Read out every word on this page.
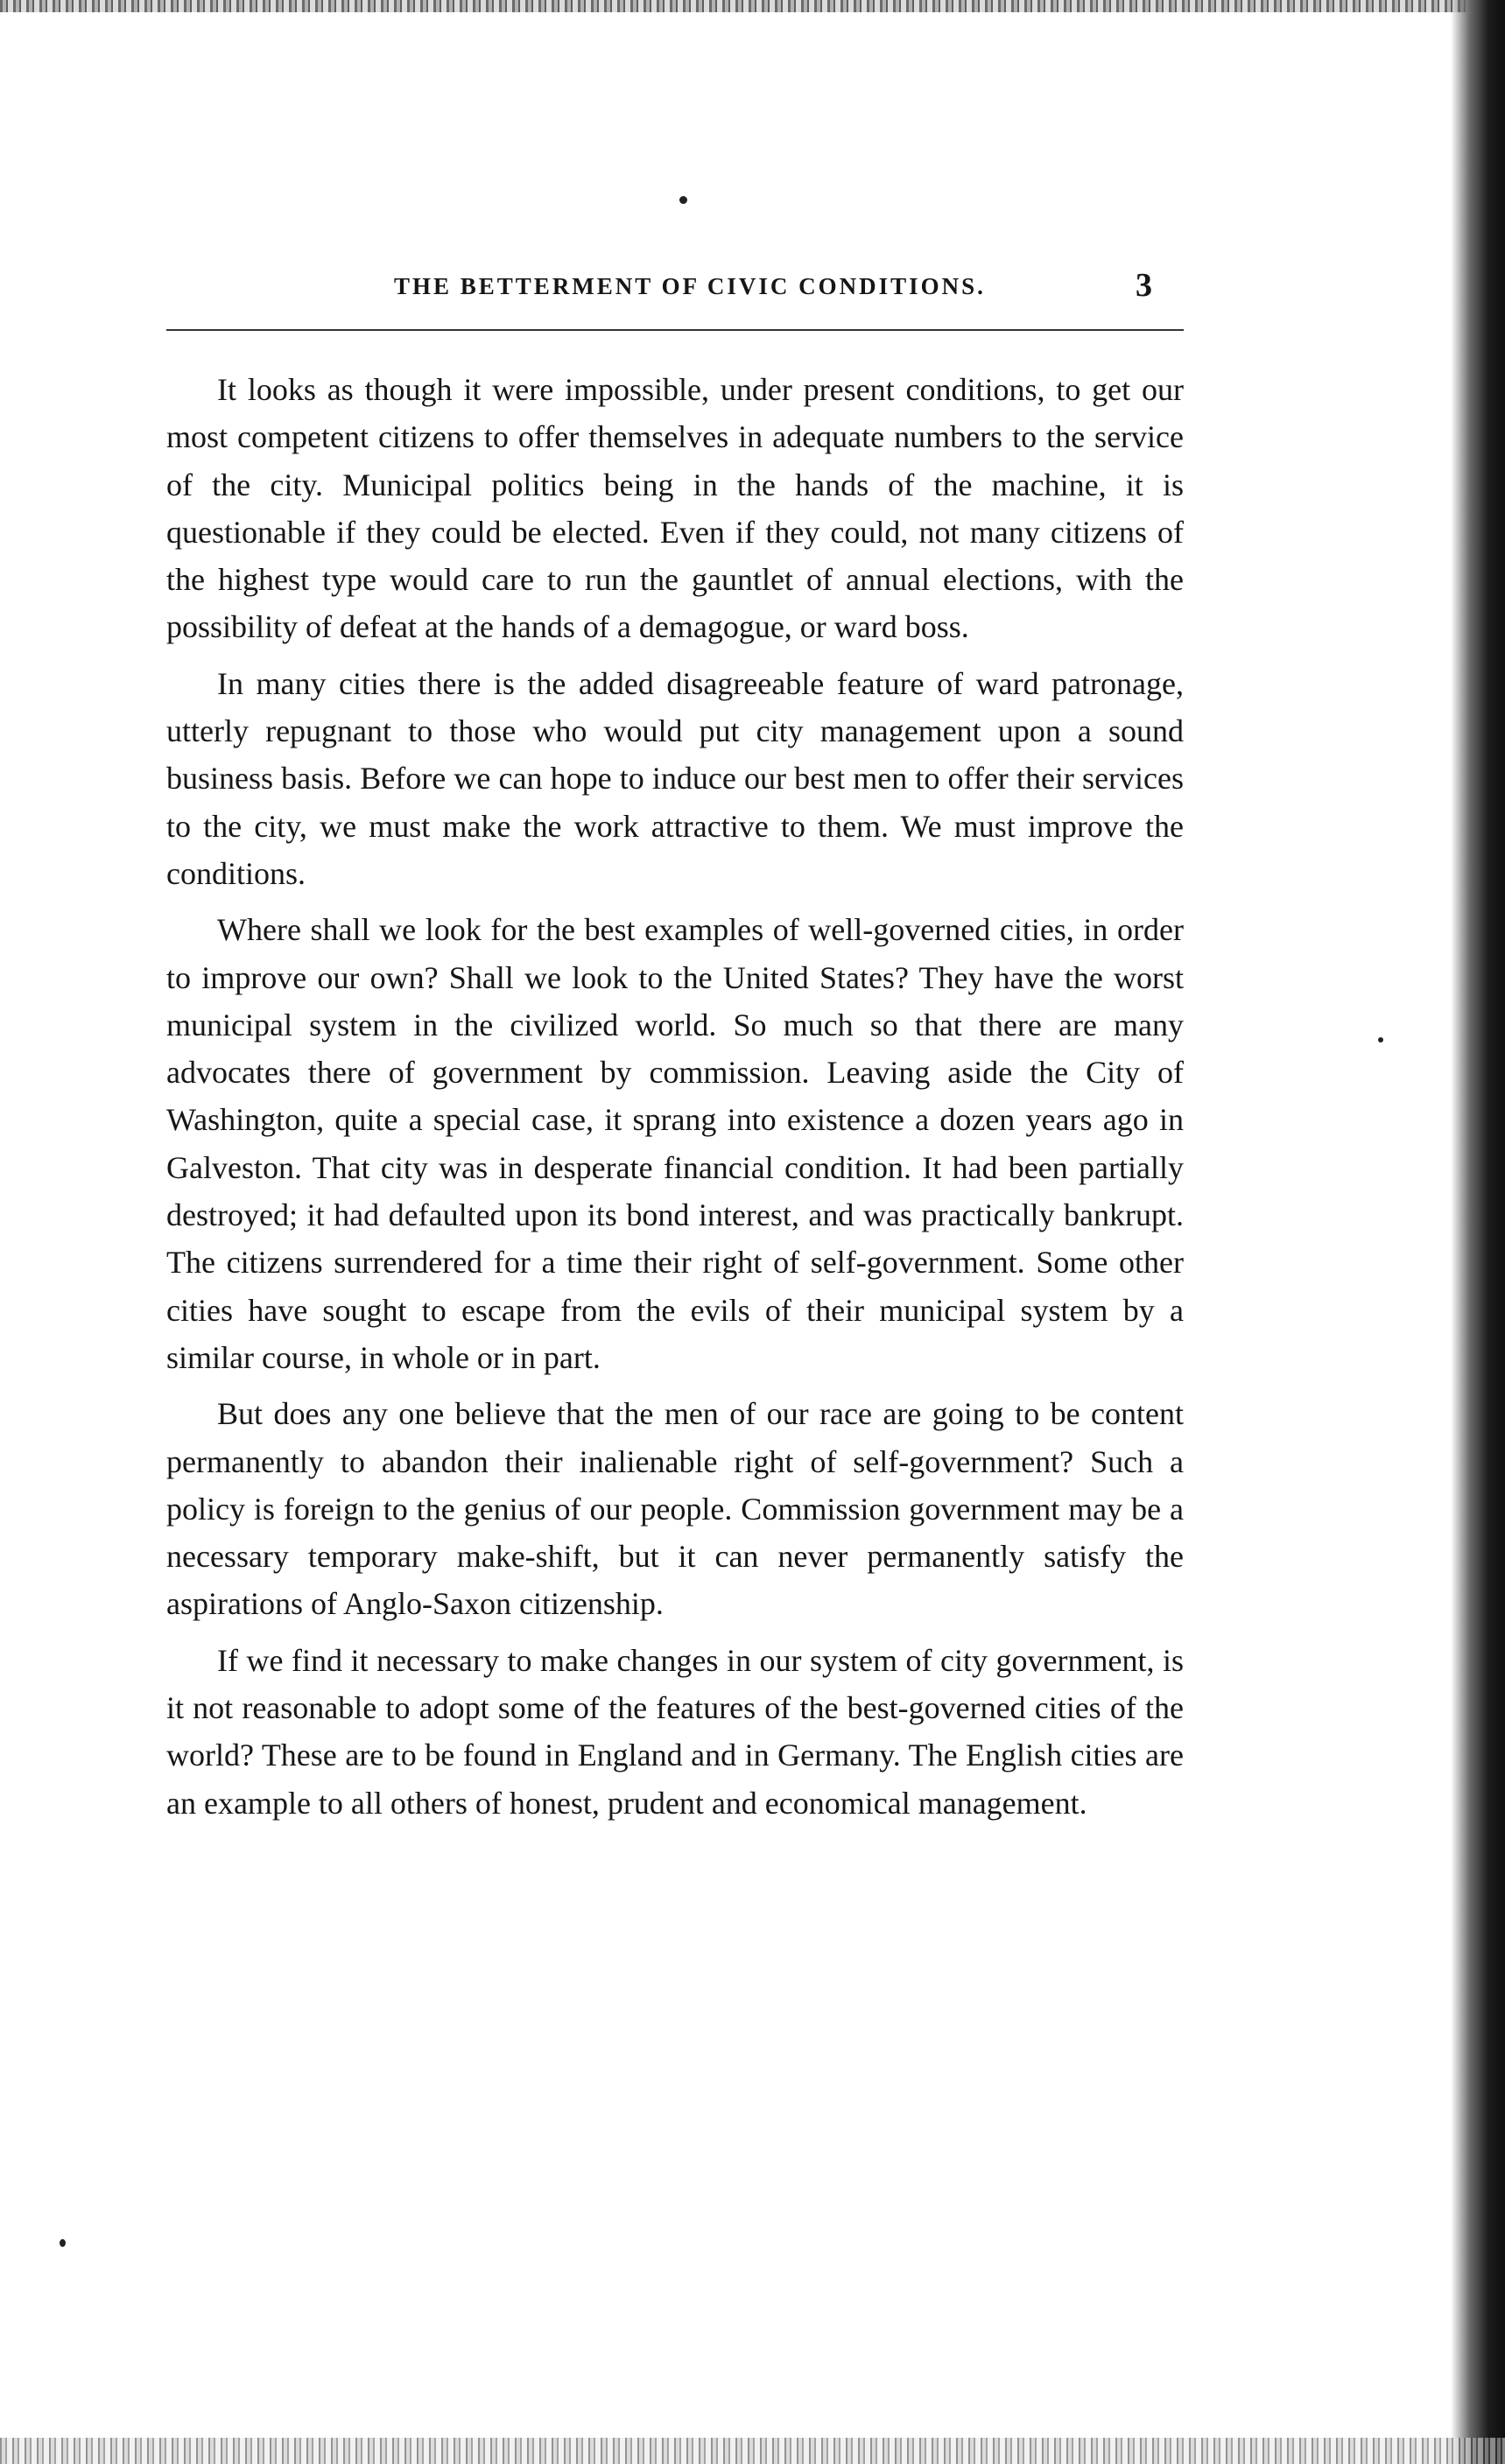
THE BETTERMENT OF CIVIC CONDITIONS.	3

It looks as though it were impossible, under present conditions, to get our most competent citizens to offer themselves in adequate numbers to the service of the city. Municipal politics being in the hands of the machine, it is questionable if they could be elected. Even if they could, not many citizens of the highest type would care to run the gauntlet of annual elections, with the possibility of defeat at the hands of a demagogue, or ward boss.

In many cities there is the added disagreeable feature of ward patronage, utterly repugnant to those who would put city management upon a sound business basis. Before we can hope to induce our best men to offer their services to the city, we must make the work attractive to them. We must improve the conditions.

Where shall we look for the best examples of well-governed cities, in order to improve our own? Shall we look to the United States? They have the worst municipal system in the civilized world. So much so that there are many advocates there of government by commission. Leaving aside the City of Washington, quite a special case, it sprang into existence a dozen years ago in Galveston. That city was in desperate financial condition. It had been partially destroyed; it had defaulted upon its bond interest, and was practically bankrupt. The citizens surrendered for a time their right of self-government. Some other cities have sought to escape from the evils of their municipal system by a similar course, in whole or in part.

But does any one believe that the men of our race are going to be content permanently to abandon their inalienable right of self-government? Such a policy is foreign to the genius of our people. Commission government may be a necessary temporary make-shift, but it can never permanently satisfy the aspirations of Anglo-Saxon citizenship.

If we find it necessary to make changes in our system of city government, is it not reasonable to adopt some of the features of the best-governed cities of the world? These are to be found in England and in Germany. The English cities are an example to all others of honest, prudent and economical management.
